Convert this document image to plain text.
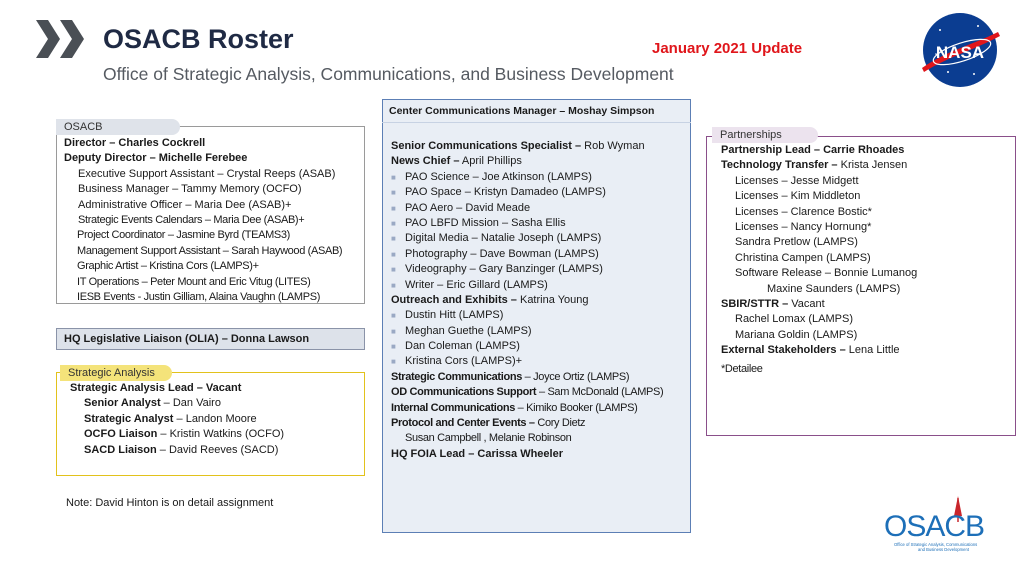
OSACB Roster	January 2021 Update
Office of Strategic Analysis, Communications, and Business Development
NASA
Director – Charles Cockrell
Deputy Director – Michelle Ferebee
Executive Support Assistant – Crystal Reeps (ASAB)
Business Manager – Tammy Memory (OCFO)
Administrative Officer – Maria Dee (ASAB)+
Strategic Events Calendars – Maria Dee (ASAB)+
Project Coordinator – Jasmine Byrd (TEAMS3)
Management Support Assistant – Sarah Haywood (ASAB)
Graphic Artist – Kristina Cors (LAMPS)+
IT Operations – Peter Mount and Eric Vitug (LITES)
IESB Events - Justin Gilliam, Alaina Vaughn (LAMPS)
OSACB
HQ Legislative Liaison (OLIA) – Donna Lawson
Strategic Analysis Lead – Vacant
Senior Analyst – Dan Vairo
Strategic Analyst – Landon Moore
OCFO Liaison – Kristin Watkins (OCFO)
SACD Liaison – David Reeves (SACD)
Strategic Analysis
Center Communications Manager – Moshay Simpson
Senior Communications Specialist – Rob Wyman
News Chief – April Phillips
■ PAO Science – Joe Atkinson (LAMPS)
■ PAO Space – Kristyn Damadeo (LAMPS)
■ PAO Aero – David Meade
■ PAO LBFD Mission – Sasha Ellis
■ Digital Media – Natalie Joseph (LAMPS)
■ Photography – Dave Bowman (LAMPS)
■ Videography – Gary Banzinger (LAMPS)
■ Writer – Eric Gillard (LAMPS)
Outreach and Exhibits – Katrina Young
■ Dustin Hitt (LAMPS)
■ Meghan Guethe (LAMPS)
■ Dan Coleman (LAMPS)
■ Kristina Cors (LAMPS)+
Strategic Communications – Joyce Ortiz (LAMPS)
OD Communications Support – Sam McDonald (LAMPS)
Internal Communications – Kimiko Booker (LAMPS)
Protocol and Center Events – Cory Dietz
Susan Campbell , Melanie Robinson
HQ FOIA Lead – Carissa Wheeler
Partnership Lead – Carrie Rhoades
Technology Transfer – Krista Jensen
Licenses – Jesse Midgett
Licenses – Kim Middleton
Licenses – Clarence Bostic*
Licenses – Nancy Hornung*
Sandra Pretlow (LAMPS)
Christina Campen (LAMPS)
Software Release – Bonnie Lumanog
Maxine Saunders (LAMPS)
SBIR/STTR – Vacant
Rachel Lomax (LAMPS)
Mariana Goldin (LAMPS)
External Stakeholders – Lena Little
*Detailee
Partnerships
Note: David Hinton is on detail assignment
OSACB
Office of Strategic Analysis, Communications
and Business Development
